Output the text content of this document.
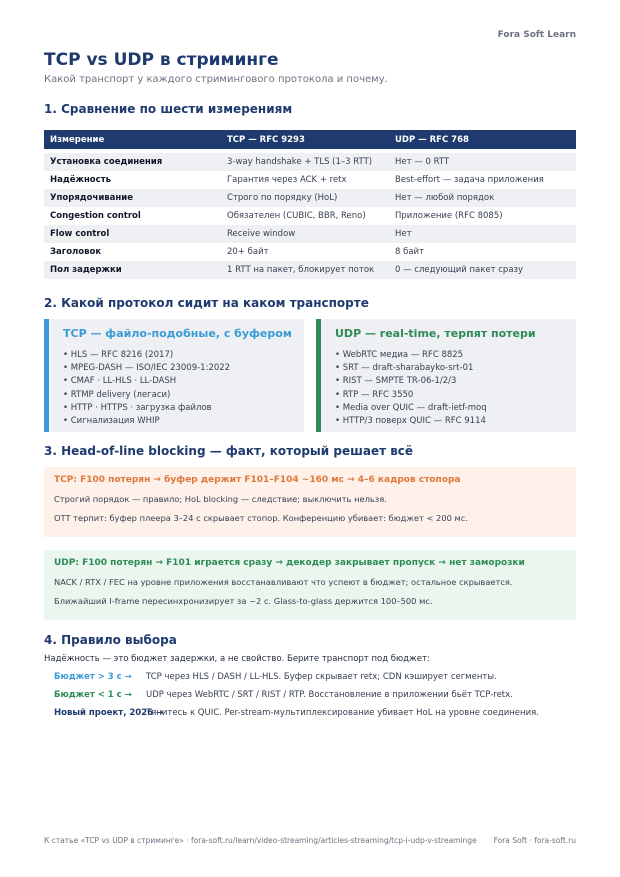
Fora Soft Learn
TCP vs UDP в стриминге
Какой транспорт у каждого стримингового протокола и почему.
1. Сравнение по шести измерениям
Измерение	TCP — RFC 9293	UDP — RFC 768
Установка соединения	3-way handshake + TLS (1–3 RTT)	Нет — 0 RTT
Надёжность	Гарантия через ACK + retx	Best-effort — задача приложения
Упорядочивание	Строго по порядку (HoL)	Нет — любой порядок
Congestion control	Обязателен (CUBIC, BBR, Reno)	Приложение (RFC 8085)
Flow control	Receive window	Нет
Заголовок	20+ байт	8 байт
Пол задержки	1 RTT на пакет, блокирует поток	0 — следующий пакет сразу
2. Какой протокол сидит на каком транспорте
TCP — файло-подобные, с буфером
• HLS — RFC 8216 (2017)
• MPEG-DASH — ISO/IEC 23009-1:2022
• CMAF · LL-HLS · LL-DASH
• RTMP delivery (легаси)
• HTTP · HTTPS · загрузка файлов
• Сигнализация WHIP
UDP — real-time, терпят потери
• WebRTC медиа — RFC 8825
• SRT — draft-sharabayko-srt-01
• RIST — SMPTE TR-06-1/2/3
• RTP — RFC 3550
• Media over QUIC — draft-ietf-moq
• HTTP/3 поверх QUIC — RFC 9114
3. Head-of-line blocking — факт, который решает всё
TCP: F100 потерян → буфер держит F101–F104 ~160 мс → 4–6 кадров стопора
Строгий порядок — правило; HoL blocking — следствие; выключить нельзя.
OTT терпит: буфер плеера 3–24 с скрывает стопор. Конференцию убивает: бюджет < 200 мс.
UDP: F100 потерян → F101 играется сразу → декодер закрывает пропуск → нет заморозки
NACK / RTX / FEC на уровне приложения восстанавливают что успеют в бюджет; остальное скрывается.
Ближайший I-frame пересинхронизирует за ~2 с. Glass-to-glass держится 100–500 мс.
4. Правило выбора
Надёжность — это бюджет задержки, а не свойство. Берите транспорт под бюджет:
Бюджет > 3 с → TCP через HLS / DASH / LL-HLS. Буфер скрывает retx; CDN кэширует сегменты.
Бюджет < 1 с → UDP через WebRTC / SRT / RIST / RTP. Восстановление в приложении бьёт TCP-retx.
Новый проект, 2026 →Тянитесь к QUIC. Per-stream-мультиплексирование убивает HoL на уровне соединения.
К статье «TCP vs UDP в стриминге» · fora-soft.ru/learn/video-streaming/articles-streaming/tcp-i-udp-v-streaminge Fora Soft · fora-soft.ru
